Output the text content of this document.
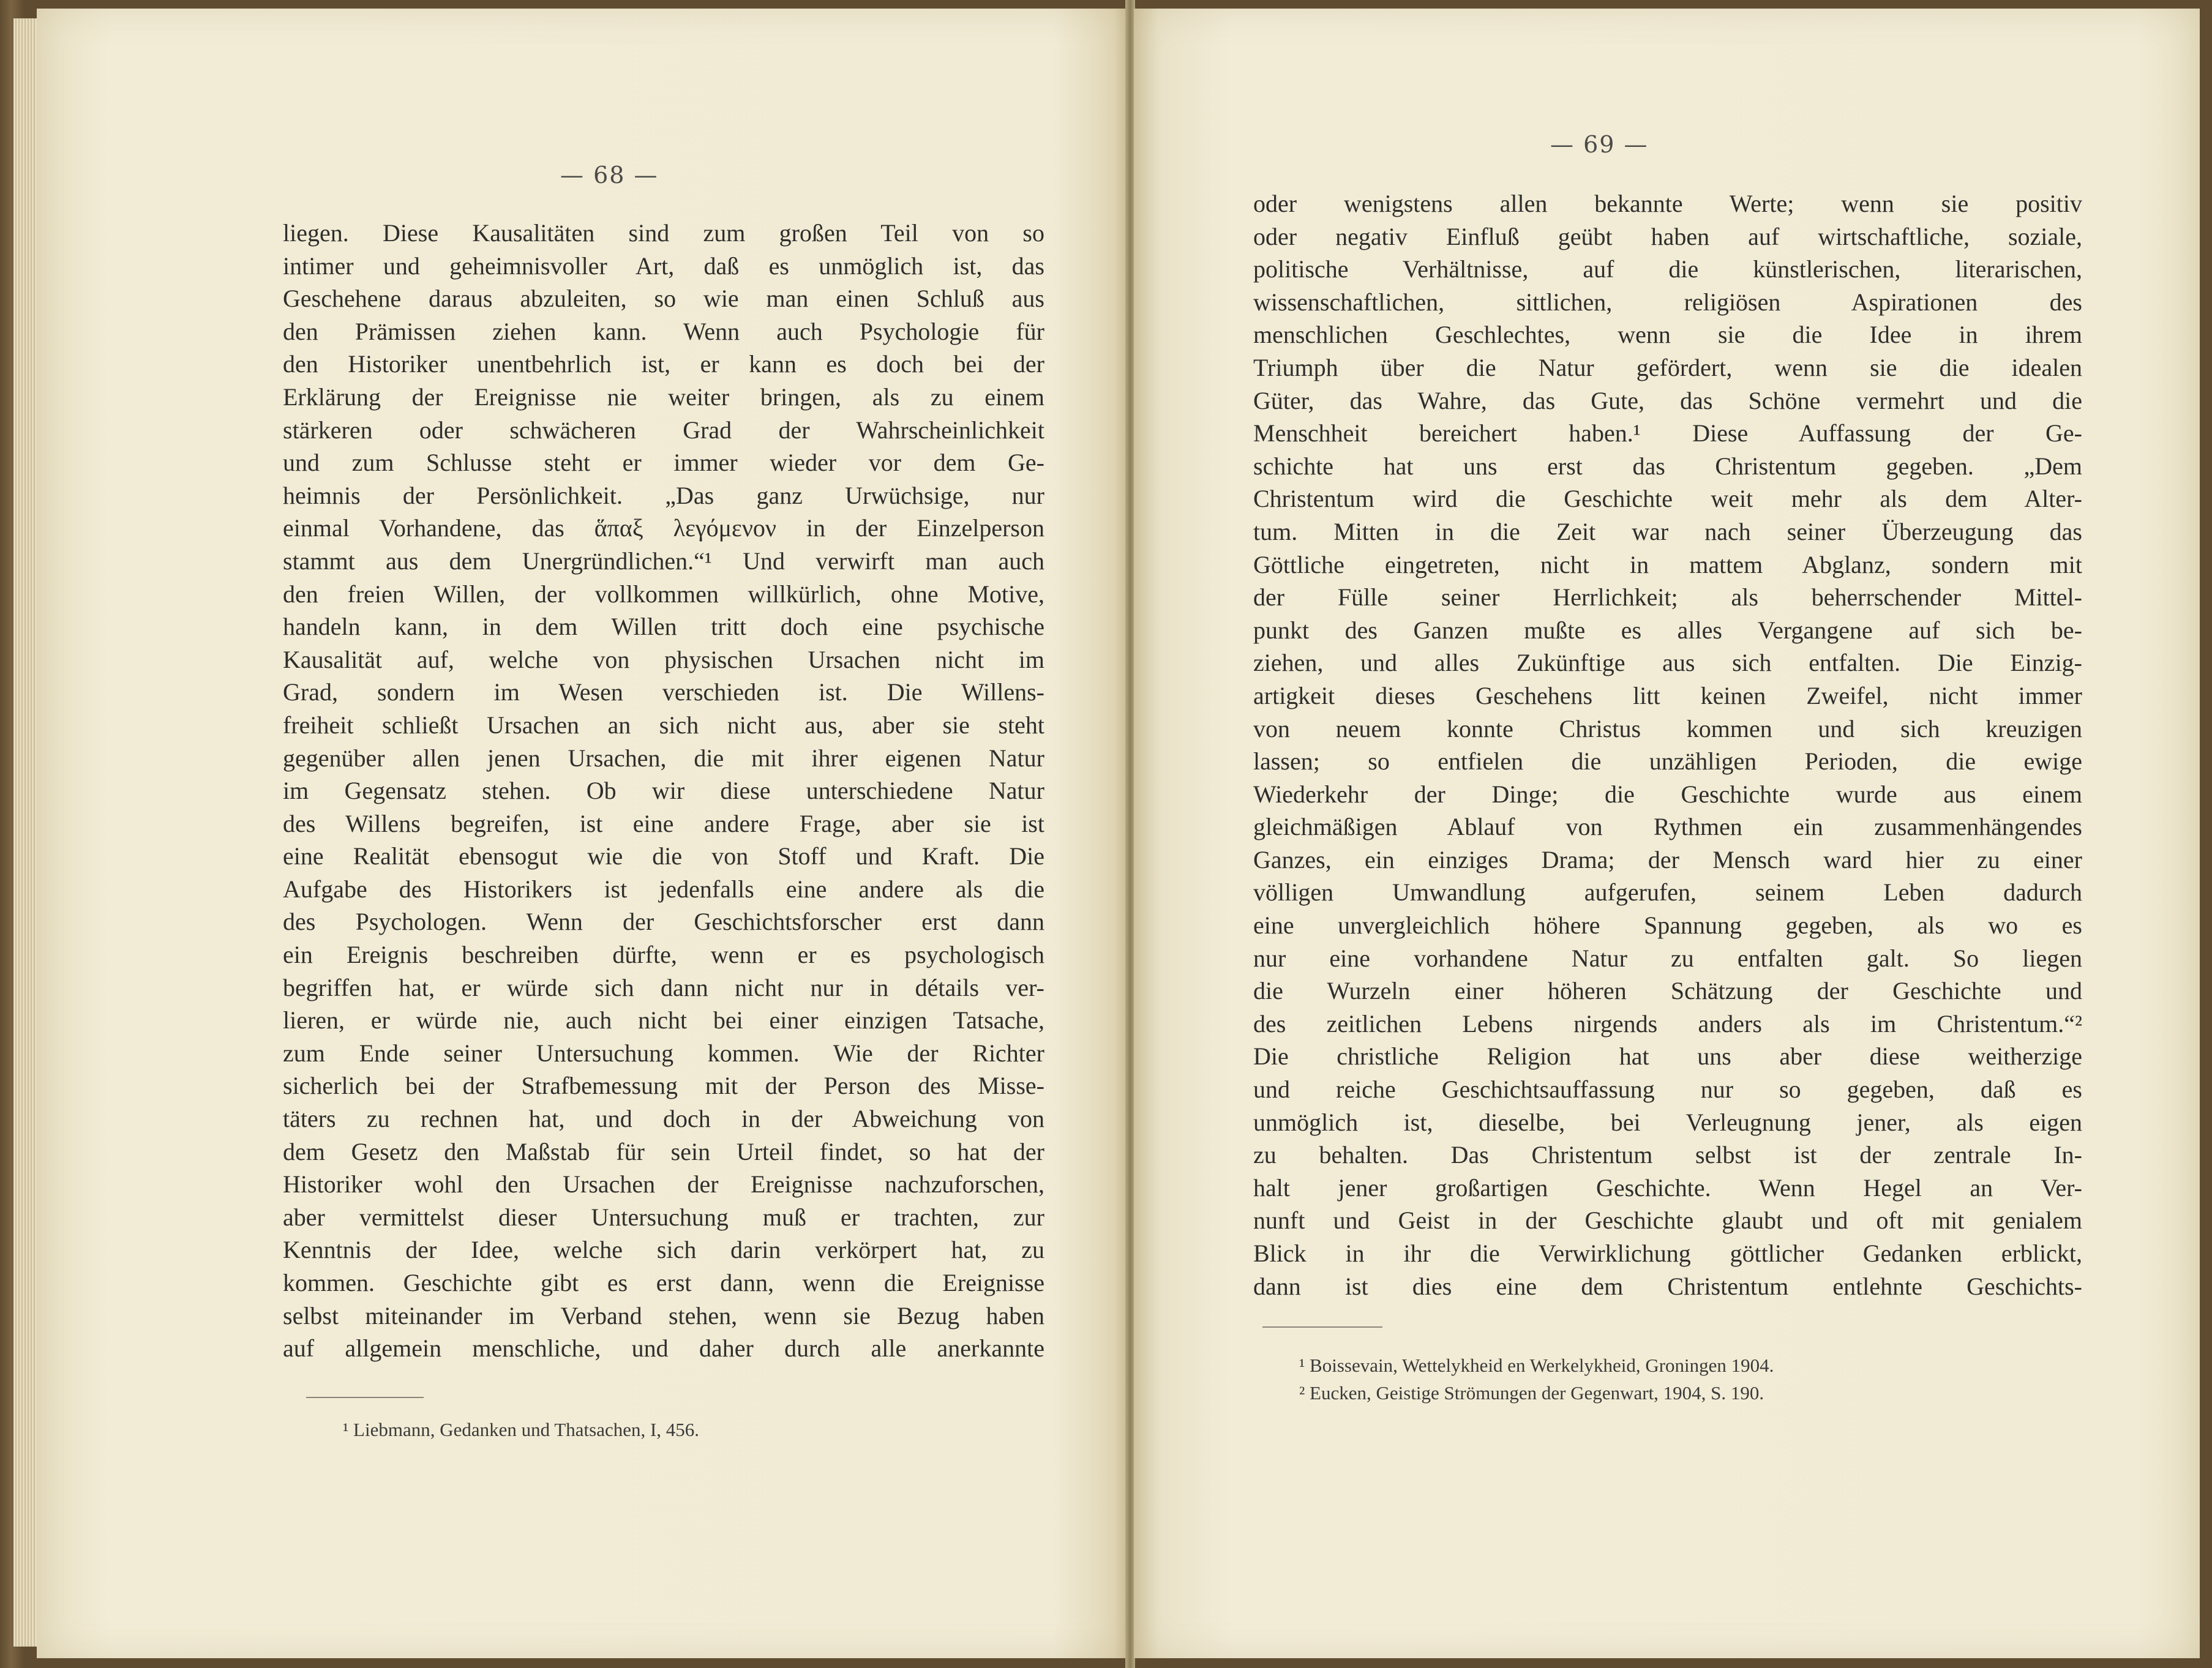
— 68 —
liegen. Diese Kausalitäten sind zum großen Teil von so
intimer und geheimnisvoller Art, daß es unmöglich ist, das
Geschehene daraus abzuleiten, so wie man einen Schluß aus
den Prämissen ziehen kann. Wenn auch Psychologie für
den Historiker unentbehrlich ist, er kann es doch bei der
Erklärung der Ereignisse nie weiter bringen, als zu einem
stärkeren oder schwächeren Grad der Wahrscheinlichkeit
und zum Schlusse steht er immer wieder vor dem Ge-
heimnis der Persönlichkeit. „Das ganz Urwüchsige, nur
einmal Vorhandene, das ἅπαξ λεγόμενον in der Einzelperson
stammt aus dem Unergründlichen.“¹ Und verwirft man auch
den freien Willen, der vollkommen willkürlich, ohne Motive,
handeln kann, in dem Willen tritt doch eine psychische
Kausalität auf, welche von physischen Ursachen nicht im
Grad, sondern im Wesen verschieden ist. Die Willens-
freiheit schließt Ursachen an sich nicht aus, aber sie steht
gegenüber allen jenen Ursachen, die mit ihrer eigenen Natur
im Gegensatz stehen. Ob wir diese unterschiedene Natur
des Willens begreifen, ist eine andere Frage, aber sie ist
eine Realität ebensogut wie die von Stoff und Kraft. Die
Aufgabe des Historikers ist jedenfalls eine andere als die
des Psychologen. Wenn der Geschichtsforscher erst dann
ein Ereignis beschreiben dürfte, wenn er es psychologisch
begriffen hat, er würde sich dann nicht nur in détails ver-
lieren, er würde nie, auch nicht bei einer einzigen Tatsache,
zum Ende seiner Untersuchung kommen. Wie der Richter
sicherlich bei der Strafbemessung mit der Person des Misse-
täters zu rechnen hat, und doch in der Abweichung von
dem Gesetz den Maßstab für sein Urteil findet, so hat der
Historiker wohl den Ursachen der Ereignisse nachzuforschen,
aber vermittelst dieser Untersuchung muß er trachten, zur
Kenntnis der Idee, welche sich darin verkörpert hat, zu
kommen. Geschichte gibt es erst dann, wenn die Ereignisse
selbst miteinander im Verband stehen, wenn sie Bezug haben
auf allgemein menschliche, und daher durch alle anerkannte
¹ Liebmann, Gedanken und Thatsachen, I, 456.
— 69 —
oder wenigstens allen bekannte Werte; wenn sie positiv
oder negativ Einfluß geübt haben auf wirtschaftliche, soziale,
politische Verhältnisse, auf die künstlerischen, literarischen,
wissenschaftlichen, sittlichen, religiösen Aspirationen des
menschlichen Geschlechtes, wenn sie die Idee in ihrem
Triumph über die Natur gefördert, wenn sie die idealen
Güter, das Wahre, das Gute, das Schöne vermehrt und die
Menschheit bereichert haben.¹ Diese Auffassung der Ge-
schichte hat uns erst das Christentum gegeben. „Dem
Christentum wird die Geschichte weit mehr als dem Alter-
tum. Mitten in die Zeit war nach seiner Überzeugung das
Göttliche eingetreten, nicht in mattem Abglanz, sondern mit
der Fülle seiner Herrlichkeit; als beherrschender Mittel-
punkt des Ganzen mußte es alles Vergangene auf sich be-
ziehen, und alles Zukünftige aus sich entfalten. Die Einzig-
artigkeit dieses Geschehens litt keinen Zweifel, nicht immer
von neuem konnte Christus kommen und sich kreuzigen
lassen; so entfielen die unzähligen Perioden, die ewige
Wiederkehr der Dinge; die Geschichte wurde aus einem
gleichmäßigen Ablauf von Rythmen ein zusammenhängendes
Ganzes, ein einziges Drama; der Mensch ward hier zu einer
völligen Umwandlung aufgerufen, seinem Leben dadurch
eine unvergleichlich höhere Spannung gegeben, als wo es
nur eine vorhandene Natur zu entfalten galt. So liegen
die Wurzeln einer höheren Schätzung der Geschichte und
des zeitlichen Lebens nirgends anders als im Christentum.“²
Die christliche Religion hat uns aber diese weitherzige
und reiche Geschichtsauffassung nur so gegeben, daß es
unmöglich ist, dieselbe, bei Verleugnung jener, als eigen
zu behalten. Das Christentum selbst ist der zentrale In-
halt jener großartigen Geschichte. Wenn Hegel an Ver-
nunft und Geist in der Geschichte glaubt und oft mit genialem
Blick in ihr die Verwirklichung göttlicher Gedanken erblickt,
dann ist dies eine dem Christentum entlehnte Geschichts-
¹ Boissevain, Wettelykheid en Werkelykheid, Groningen 1904.
² Eucken, Geistige Strömungen der Gegenwart, 1904, S. 190.
